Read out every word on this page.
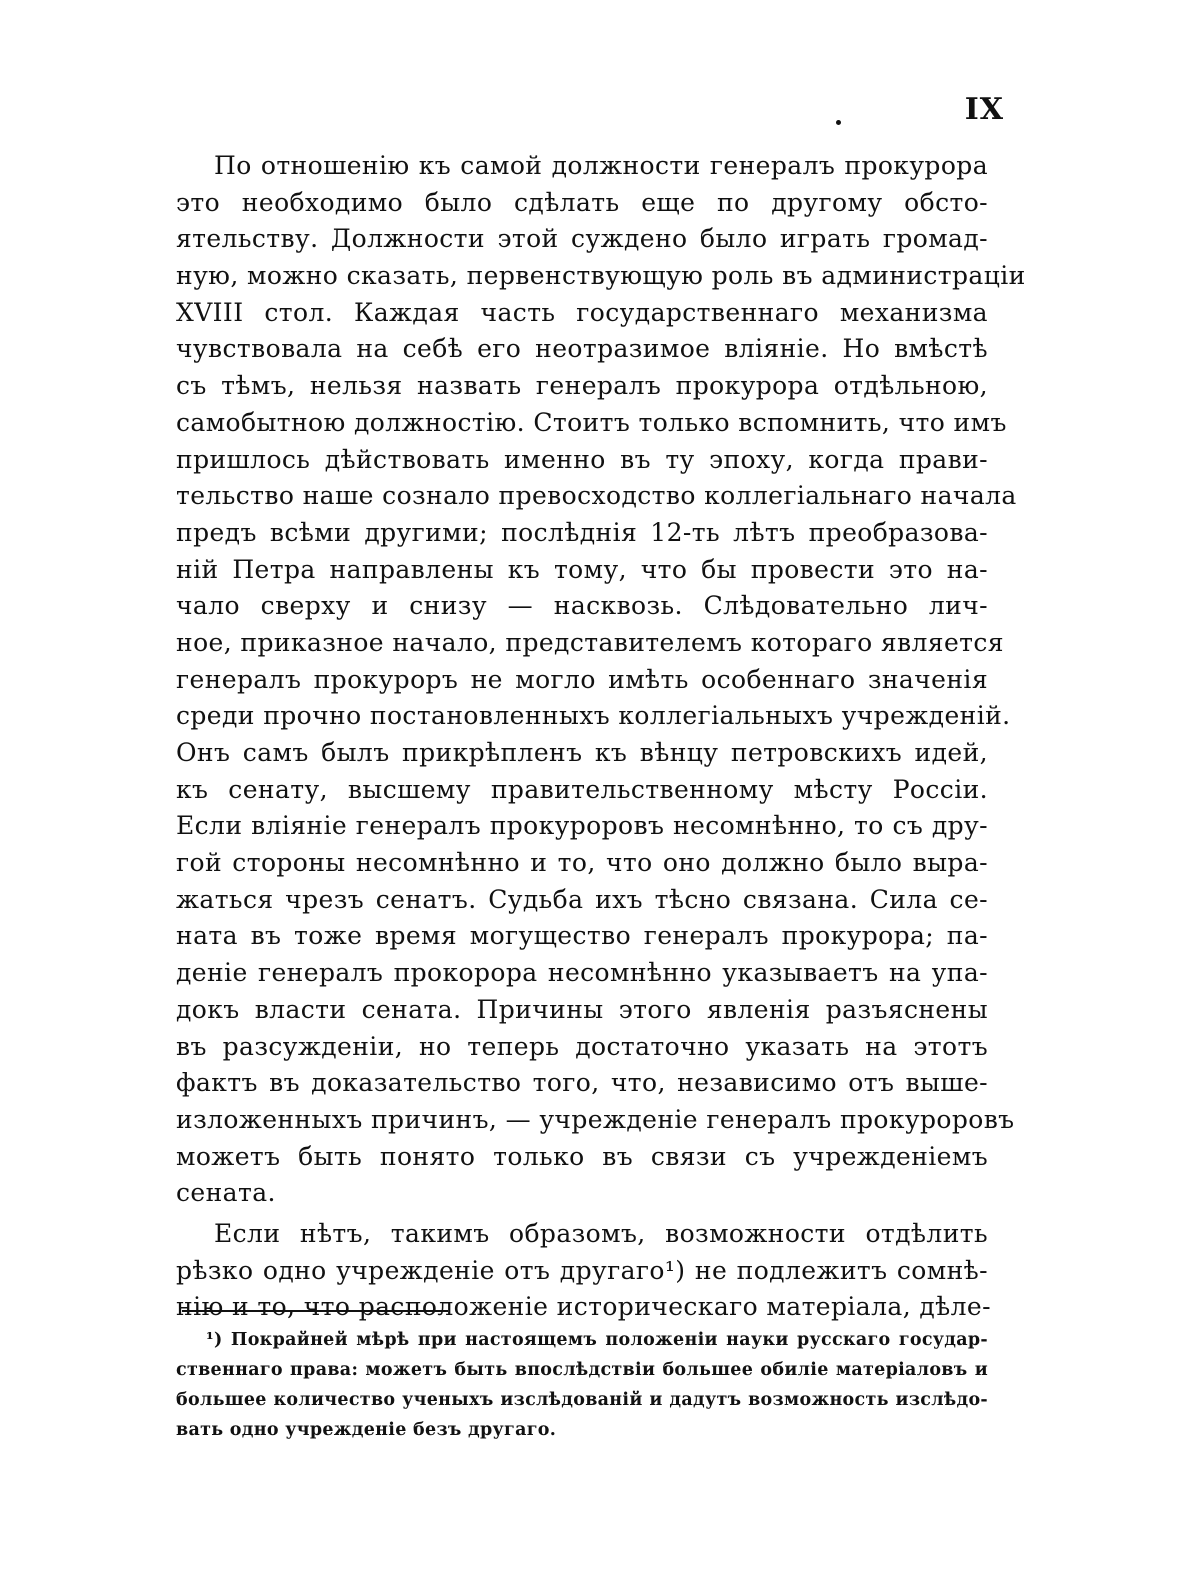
IX
По отношенію къ самой должности генералъ прокурора
это необходимо было сдѣлать еще по другому обсто-
ятельству. Должности этой суждено было играть громад-
ную, можно сказать, первенствующую роль въ администраціи
XVIII стол. Каждая часть государственнаго механизма
чувствовала на себѣ его неотразимое вліяніе. Но вмѣстѣ
съ тѣмъ, нельзя назвать генералъ прокурора отдѣльною,
самобытною должностію. Стоитъ только вспомнить, что имъ
пришлось дѣйствовать именно въ ту эпоху, когда прави-
тельство наше сознало превосходство коллегіальнаго начала
предъ всѣми другими; послѣднія 12-ть лѣтъ преобразова-
ній Петра направлены къ тому, что бы провести это на-
чало сверху и снизу — насквозь. Слѣдовательно лич-
ное, приказное начало, представителемъ котораго является
генералъ прокуроръ не могло имѣть особеннаго значенія
среди прочно постановленныхъ коллегіальныхъ учрежденій.
Онъ самъ былъ прикрѣпленъ къ вѣнцу петровскихъ идей,
къ сенату, высшему правительственному мѣсту Россіи.
Если вліяніе генералъ прокуроровъ несомнѣнно, то съ дру-
гой стороны несомнѣнно и то, что оно должно было выра-
жаться чрезъ сенатъ. Судьба ихъ тѣсно связана. Сила се-
ната въ тоже время могущество генералъ прокурора; па-
деніе генералъ прокорора несомнѣнно указываетъ на упа-
докъ власти сената. Причины этого явленія разъяснены
въ разсужденіи, но теперь достаточно указать на этотъ
фактъ въ доказательство того, что, независимо отъ выше-
изложенныхъ причинъ, — учрежденіе генералъ прокуроровъ
можетъ быть понято только въ связи съ учрежденіемъ
сената.
Если нѣтъ, такимъ образомъ, возможности отдѣлить
рѣзко одно учрежденіе отъ другаго¹) не подлежитъ сомнѣ-
нію и то, что расположеніе историческаго матеріала, дѣле-
¹) Покрайней мѣрѣ при настоящемъ положеніи науки русскаго государ-
ственнаго права: можетъ быть впослѣдствіи большее обиліе матеріаловъ и
большее количество ученыхъ изслѣдованій и дадутъ возможность изслѣдо-
вать одно учрежденіе безъ другаго.
